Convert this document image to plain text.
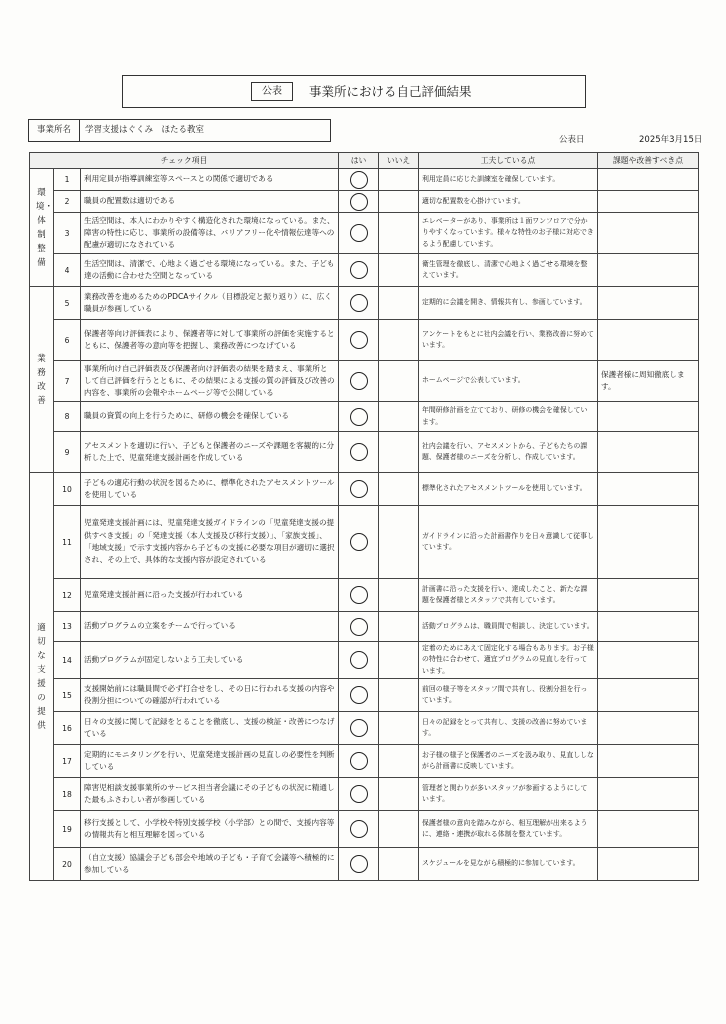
公表	事業所における自己評価結果
事業所名	学習支援はぐくみ　ほたる教室
公表日	2025年3月15日
チェック項目			はい	いいえ	工夫している点	課題や改善すべき点
環境・体制整備	1	利用定員が指導訓練室等スペースとの関係で適切である			利用定員に応じた訓練室を確保しています。	
	2	職員の配置数は適切である			適切な配置数を心掛けています。	
	3	生活空間は、本人にわかりやすく構造化された環境になっている。また、障害の特性に応じ、事業所の設備等は、バリアフリー化や情報伝達等への配慮が適切になされている			エレベーターがあり、事業所は１面ワンフロアで分かりやすくなっています。様々な特性のお子様に対応できるよう配慮しています。	
	4	生活空間は、清潔で、心地よく過ごせる環境になっている。また、子ども達の活動に合わせた空間となっている			衛生管理を徹底し、清潔で心地よく過ごせる環境を整えています。	
業務改善	5	業務改善を進めるためのPDCAサイクル（目標設定と振り返り）に、広く職員が参画している			定期的に会議を開き、情報共有し、参画しています。	
	6	保護者等向け評価表により、保護者等に対して事業所の評価を実施するとともに、保護者等の意向等を把握し、業務改善につなげている			アンケートをもとに社内会議を行い、業務改善に努めています。	
	7	事業所向け自己評価表及び保護者向け評価表の結果を踏まえ、事業所として自己評価を行うとともに、その結果による支援の質の評価及び改善の内容を、事業所の会報やホームページ等で公開している			ホームページで公表しています。	保護者様に周知徹底します。
	8	職員の資質の向上を行うために、研修の機会を確保している			年間研修計画を立てており、研修の機会を確保しています。	
	9	アセスメントを適切に行い、子どもと保護者のニーズや課題を客観的に分析した上で、児童発達支援計画を作成している			社内会議を行い、アセスメントから、子どもたちの課題、保護者様のニーズを分析し、作成しています。	
適切な支援の提供	10	子どもの適応行動の状況を図るために、標準化されたアセスメントツールを使用している			標準化されたアセスメントツールを使用しています。	
	11	児童発達支援計画には、児童発達支援ガイドラインの「児童発達支援の提供すべき支援」の「発達支援（本人支援及び移行支援）」、「家族支援」、「地域支援」で示す支援内容から子どもの支援に必要な項目が適切に選択され、その上で、具体的な支援内容が設定されている			ガイドラインに沿った計画書作りを日々意識して従事しています。	
	12	児童発達支援計画に沿った支援が行われている			計画書に沿った支援を行い、達成したこと、新たな課題を保護者様とスタッフで共有しています。	
	13	活動プログラムの立案をチームで行っている			活動プログラムは、職員間で相談し、決定しています。	
	14	活動プログラムが固定しないよう工夫している			定着のためにあえて固定化する場合もあります。お子様の特性に合わせて、適宜プログラムの見直しを行っています。	
	15	支援開始前には職員間で必ず打合せをし、その日に行われる支援の内容や役割分担についての確認が行われている			前回の様子等をスタッフ間で共有し、役割分担を行っています。	
	16	日々の支援に関して記録をとることを徹底し、支援の検証・改善につなげている			日々の記録をとって共有し、支援の改善に努めています。	
	17	定期的にモニタリングを行い、児童発達支援計画の見直しの必要性を判断している			お子様の様子と保護者のニーズを汲み取り、見直ししながら計画書に反映しています。	
	18	障害児相談支援事業所のサービス担当者会議にその子どもの状況に精通した最もふさわしい者が参画している			管理者と関わりが多いスタッフが参画するようにしています。	
	19	移行支援として、小学校や特別支援学校（小学部）との間で、支援内容等の情報共有と相互理解を図っている			保護者様の意向を踏みながら、相互理解が出来るように、連絡・連携が取れる体制を整えています。	
	20	（自立支援）協議会子ども部会や地域の子ども・子育て会議等へ積極的に参加している			スケジュールを見ながら積極的に参加しています。	
